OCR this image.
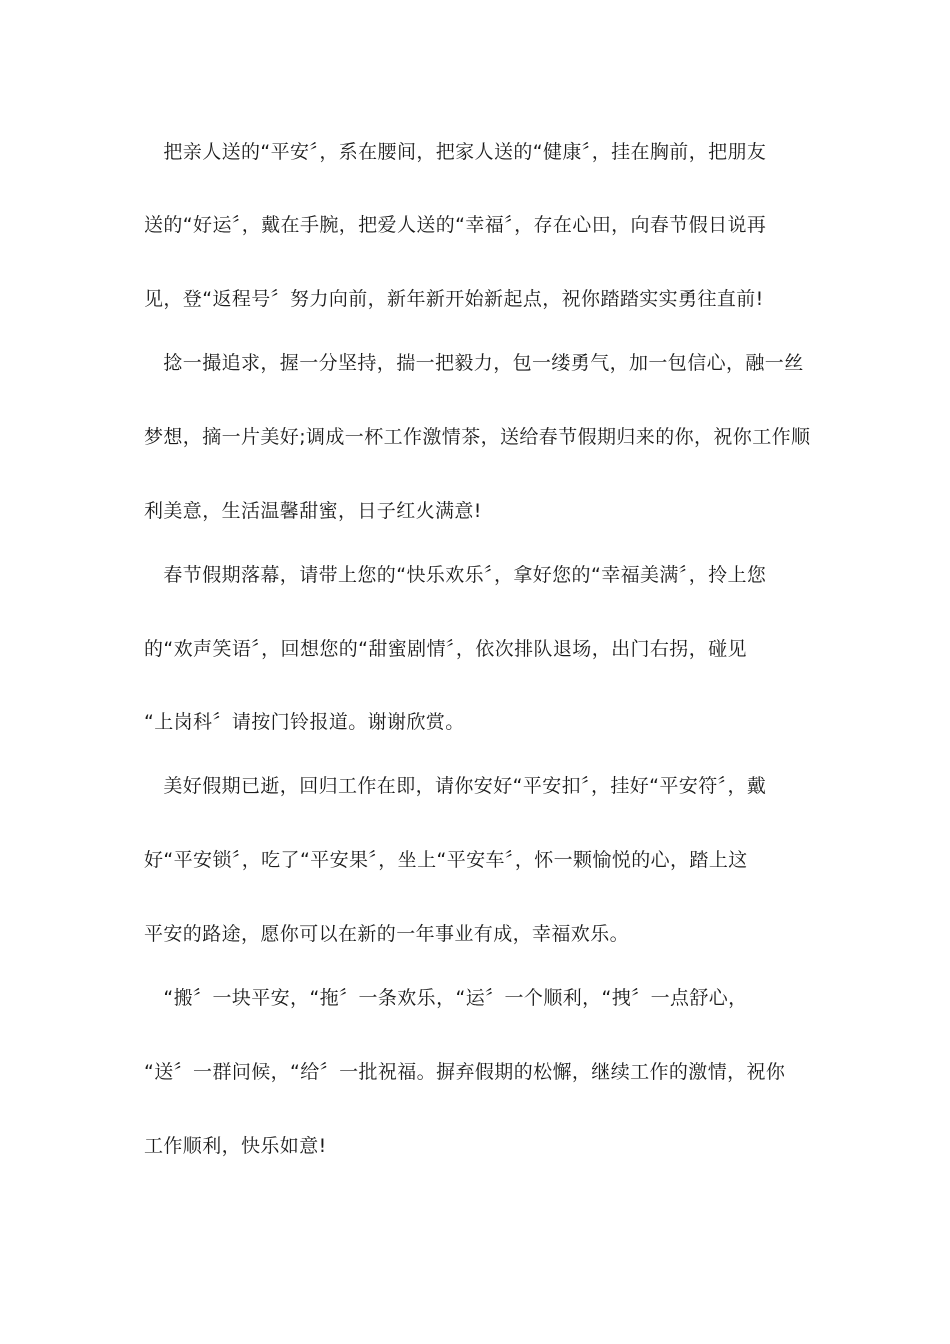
　把亲人送的“平安〞，系在腰间，把家人送的“健康〞，挂在胸前，把朋友
送的“好运〞，戴在手腕，把爱人送的“幸福〞，存在心田，向春节假日说再
见，登“返程号〞努力向前，新年新开始新起点，祝你踏踏实实勇往直前!
　捻一撮追求，握一分坚持，揣一把毅力，包一缕勇气，加一包信心，融一丝
梦想，摘一片美好;调成一杯工作激情茶，送给春节假期归来的你，祝你工作顺
利美意，生活温馨甜蜜，日子红火满意!
　春节假期落幕，请带上您的“快乐欢乐〞，拿好您的“幸福美满〞，拎上您
的“欢声笑语〞，回想您的“甜蜜剧情〞，依次排队退场，出门右拐，碰见
“上岗科〞请按门铃报道。谢谢欣赏。
　美好假期已逝，回归工作在即，请你安好“平安扣〞，挂好“平安符〞，戴
好“平安锁〞，吃了“平安果〞，坐上“平安车〞，怀一颗愉悦的心，踏上这
平安的路途，愿你可以在新的一年事业有成，幸福欢乐。
　“搬〞一块平安，“拖〞一条欢乐，“运〞一个顺利，“拽〞一点舒心，
“送〞一群问候，“给〞一批祝福。摒弃假期的松懈，继续工作的激情，祝你
工作顺利，快乐如意!
